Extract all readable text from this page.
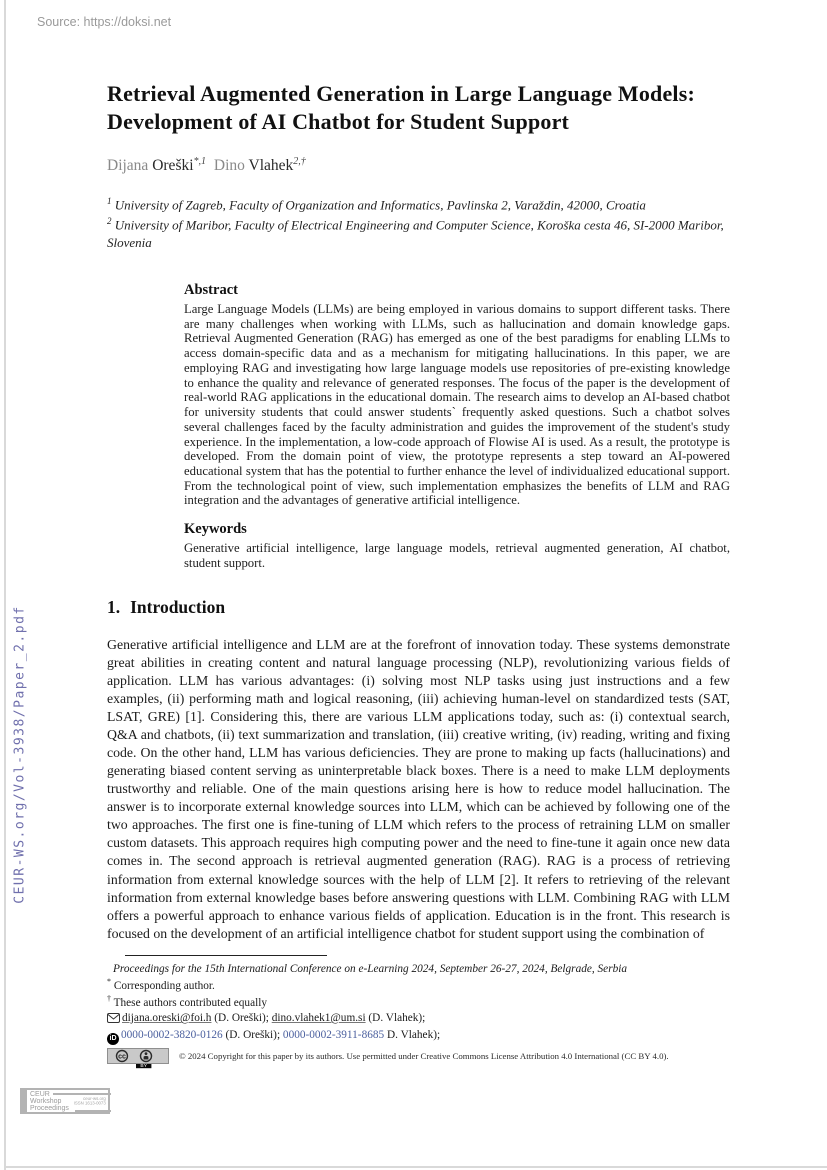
Source: https://doksi.net
CEUR-WS.org/Vol-3938/Paper_2.pdf
Retrieval Augmented Generation in Large Language Models: Development of AI Chatbot for Student Support
Dijana Oreški$^{*,1}$ Dino Vlahek$^{2,\dagger}$
$^1$ University of Zagreb, Faculty of Organization and Informatics, Pavlinska 2, Varaždin, 42000, Croatia
$^2$ University of Maribor, Faculty of Electrical Engineering and Computer Science, Koroška cesta 46, SI-2000 Maribor, Slovenia
Abstract
Large Language Models (LLMs) are being employed in various domains to support different tasks. There are many challenges when working with LLMs, such as hallucination and domain knowledge gaps. Retrieval Augmented Generation (RAG) has emerged as one of the best paradigms for enabling LLMs to access domain-specific data and as a mechanism for mitigating hallucinations. In this paper, we are employing RAG and investigating how large language models use repositories of pre-existing knowledge to enhance the quality and relevance of generated responses. The focus of the paper is the development of real-world RAG applications in the educational domain. The research aims to develop an AI-based chatbot for university students that could answer students` frequently asked questions. Such a chatbot solves several challenges faced by the faculty administration and guides the improvement of the student's study experience. In the implementation, a low-code approach of Flowise AI is used. As a result, the prototype is developed. From the domain point of view, the prototype represents a step toward an AI-powered educational system that has the potential to further enhance the level of individualized educational support. From the technological point of view, such implementation emphasizes the benefits of LLM and RAG integration and the advantages of generative artificial intelligence.
Keywords
Generative artificial intelligence, large language models, retrieval augmented generation, AI chatbot, student support.
1. Introduction
Generative artificial intelligence and LLM are at the forefront of innovation today. These systems demonstrate great abilities in creating content and natural language processing (NLP), revolutionizing various fields of application. LLM has various advantages: (i) solving most NLP tasks using just instructions and a few examples, (ii) performing math and logical reasoning, (iii) achieving human-level on standardized tests (SAT, LSAT, GRE) [1]. Considering this, there are various LLM applications today, such as: (i) contextual search, Q&A and chatbots, (ii) text summarization and translation, (iii) creative writing, (iv) reading, writing and fixing code. On the other hand, LLM has various deficiencies. They are prone to making up facts (hallucinations) and generating biased content serving as uninterpretable black boxes. There is a need to make LLM deployments trustworthy and reliable. One of the main questions arising here is how to reduce model hallucination. The answer is to incorporate external knowledge sources into LLM, which can be achieved by following one of the two approaches. The first one is fine-tuning of LLM which refers to the process of retraining LLM on smaller custom datasets. This approach requires high computing power and the need to fine-tune it again once new data comes in. The second approach is retrieval augmented generation (RAG). RAG is a process of retrieving information from external knowledge sources with the help of LLM [2]. It refers to retrieving of the relevant information from external knowledge bases before answering questions with LLM. Combining RAG with LLM offers a powerful approach to enhance various fields of application. Education is in the front. This research is focused on the development of an artificial intelligence chatbot for student support using the combination of
Proceedings for the 15th International Conference on e-Learning 2024, September 26-27, 2024, Belgrade, Serbia
* Corresponding author.
† These authors contributed equally
dijana.oreski@foi.h (D. Oreški); dino.vlahek1@um.si (D. Vlahek);
iD 0000-0002-3820-0126 (D. Oreški); 0000-0002-3911-8685 D. Vlahek);
cc
BY
© 2024 Copyright for this paper by its authors. Use permitted under Creative Commons License Attribution 4.0 International (CC BY 4.0).
CEUR
Workshop
Proceedings
ceur-ws.org
ISSN 1613-0073
